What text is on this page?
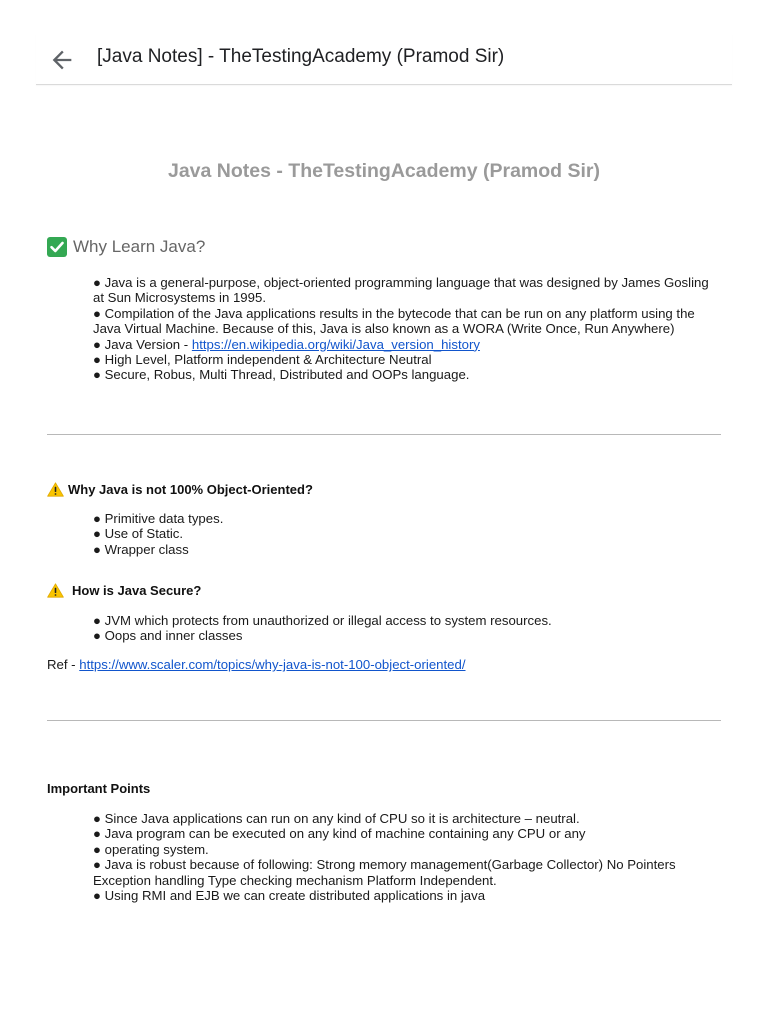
[Java Notes] - TheTestingAcademy (Pramod Sir)
Java Notes - TheTestingAcademy (Pramod Sir)
Why Learn Java?
● Java is a general-purpose, object-oriented programming language that was designed by James Gosling at Sun Microsystems in 1995.
● Compilation of the Java applications results in the bytecode that can be run on any platform using the Java Virtual Machine. Because of this, Java is also known as a WORA (Write Once, Run Anywhere)
● Java Version - https://en.wikipedia.org/wiki/Java_version_history
● High Level, Platform independent & Architecture Neutral
● Secure, Robus, Multi Thread, Distributed and OOPs language.
Why Java is not 100% Object-Oriented?
● Primitive data types.
● Use of Static.
● Wrapper class
How is Java Secure?
● JVM which protects from unauthorized or illegal access to system resources.
● Oops and inner classes
Ref - https://www.scaler.com/topics/why-java-is-not-100-object-oriented/
Important Points
● Since Java applications can run on any kind of CPU so it is architecture – neutral.
● Java program can be executed on any kind of machine containing any CPU or any
● operating system.
● Java is robust because of following: Strong memory management(Garbage Collector) No Pointers Exception handling Type checking mechanism Platform Independent.
● Using RMI and EJB we can create distributed applications in java
